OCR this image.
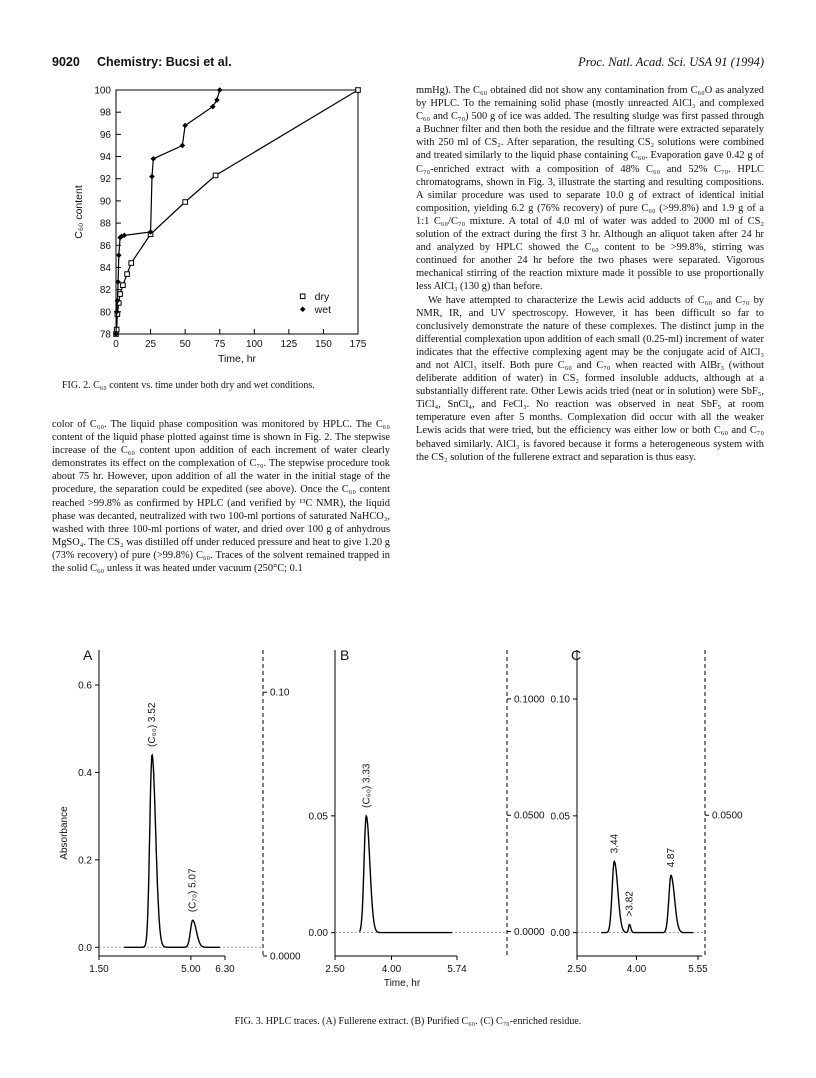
9020 Chemistry: Bucsi et al.	Proc. Natl. Acad. Sci. USA 91 (1994)
0	25 50 75 100 125 150 175
78
80
82
84
86
88
90
92
94
96
98
100
Time, hr
C₆₀ content
dry
wet
FIG. 2. C₆₀ content vs. time under both dry and wet conditions.

color of C₆₀. The liquid phase composition was monitored by HPLC. The C₆₀ content of the liquid phase plotted against time is shown in Fig. 2. The stepwise increase of the C₆₀ content upon addition of each increment of water clearly demonstrates its effect on the complexation of C₇₀. The stepwise procedure took about 75 hr. However, upon addition of all the water in the initial stage of the procedure, the separation could be expedited (see above). Once the C₆₀ content reached >99.8% as confirmed by HPLC (and verified by ¹³C NMR), the liquid phase was decanted, neutralized with two 100-ml portions of saturated NaHCO₃, washed with three 100-ml portions of water, and dried over 100 g of anhydrous MgSO₄. The CS₂ was distilled off under reduced pressure and heat to give 1.20 g (73% recovery) of pure (>99.8%) C₆₀. Traces of the solvent remained trapped in the solid C₆₀ unless it was heated under vacuum (250°C; 0.1

mmHg). The C₆₀ obtained did not show any contamination from C₆₀O as analyzed by HPLC. To the remaining solid phase (mostly unreacted AlCl₃ and complexed C₆₀ and C₇₀) 500 g of ice was added. The resulting sludge was first passed through a Buchner filter and then both the residue and the filtrate were extracted separately with 250 ml of CS₂. After separation, the resulting CS₂ solutions were combined and treated similarly to the liquid phase containing C₆₀. Evaporation gave 0.42 g of C₇₀-enriched extract with a composition of 48% C₆₀ and 52% C₇₀. HPLC chromatograms, shown in Fig. 3, illustrate the starting and resulting compositions. A similar procedure was used to separate 10.0 g of extract of identical initial composition, yielding 6.2 g (76% recovery) of pure C₆₀ (>99.8%) and 1.9 g of a 1:1 C₆₀/C₇₀ mixture. A total of 4.0 ml of water was added to 2000 ml of CS₂ solution of the extract during the first 3 hr. Although an aliquot taken after 24 hr and analyzed by HPLC showed the C₆₀ content to be >99.8%, stirring was continued for another 24 hr before the two phases were separated. Vigorous mechanical stirring of the reaction mixture made it possible to use proportionally less AlCl₃ (130 g) than before.

We have attempted to characterize the Lewis acid adducts of C₆₀ and C₇₀ by NMR, IR, and UV spectroscopy. However, it has been difficult so far to conclusively demonstrate the nature of these complexes. The distinct jump in the differential complexation upon addition of each small (0.25-ml) increment of water indicates that the effective complexing agent may be the conjugate acid of AlCl₃ and not AlCl₃ itself. Both pure C₆₀ and C₇₀ when reacted with AlBr₃ (without deliberate addition of water) in CS₂ formed insoluble adducts, although at a substantially different rate. Other Lewis acids tried (neat or in solution) were SbF₅, TiCl₄, SnCl₄, and FeCl₃. No reaction was observed in neat SbF₅ at room temperature even after 5 months. Complexation did occur with all the weaker Lewis acids that were tried, but the efficiency was either low or both C₆₀ and C₇₀ behaved similarly. AlCl₃ is favored because it forms a heterogeneous system with the CS₂ solution of the fullerene extract and separation is thus easy.

A
0.0
0.2
0.4
0.6
0.0000
0.10
1.50	5.00 6.30
Absorbance
(C₆₀) 3.52
(C₇₀) 5.07
B
0.00
0.05
0.0000
0.0500
0.1000
2.50	4.00	5.74
Time, hr
(C₆₀) 3.33
C
0.00
0.05
0.10
0.0500
2.50	4.00	5.55
3.44
>3.82
4.87
FIG. 3. HPLC traces. (A) Fullerene extract. (B) Purified C₆₀. (C) C₇₀-enriched residue.
